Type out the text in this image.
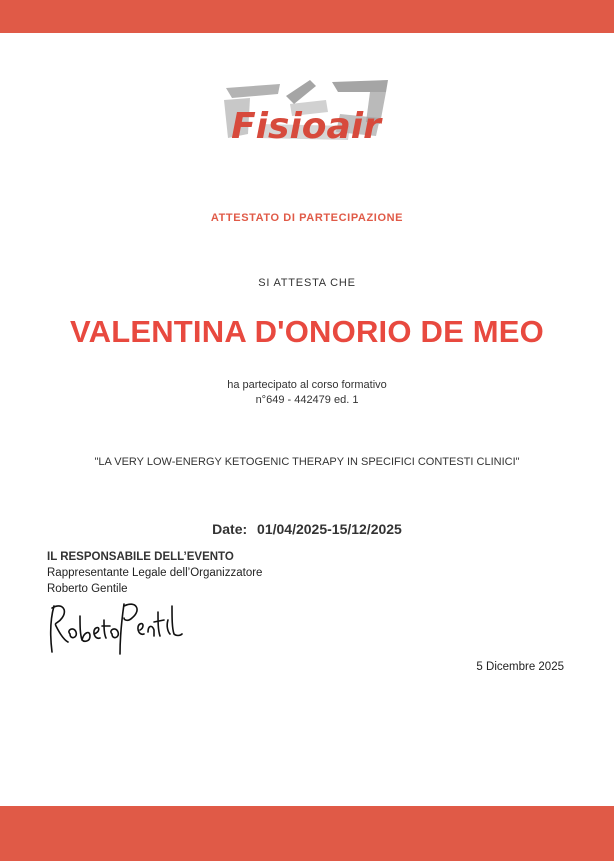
Fisioair
ATTESTATO DI PARTECIPAZIONE
SI ATTESTA CHE
VALENTINA D'ONORIO DE MEO
ha partecipato al corso formativo
n°649 - 442479 ed. 1
"LA VERY LOW-ENERGY KETOGENIC THERAPY IN SPECIFICI CONTESTI CLINICI"
Date: 01/04/2025-15/12/2025
IL RESPONSABILE DELL’EVENTO
Rappresentante Legale dell’Organizzatore
Roberto Gentile
5 Dicembre 2025
